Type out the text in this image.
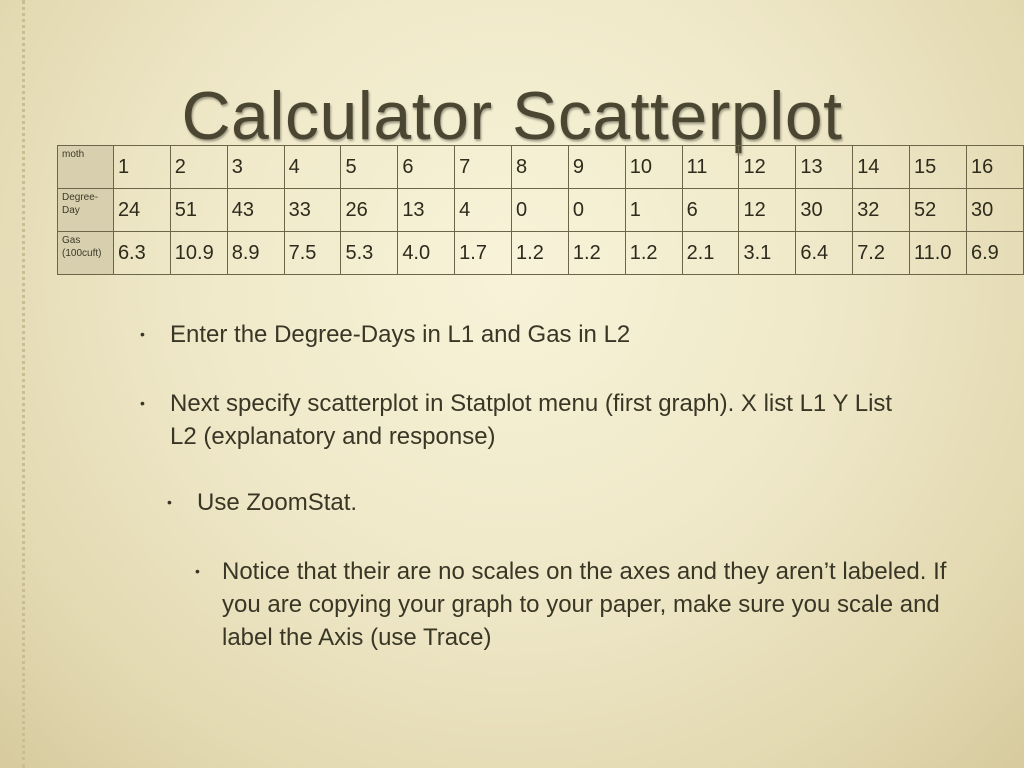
Calculator Scatterplot
moth	1	2	3	4	5	6	7	8	9	10	11	12	13	14	15	16
Degree-Day	24	51	43	33	26	13	4	0	0	1	6	12	30	32	52	30
Gas (100cuft)	6.3	10.9	8.9	7.5	5.3	4.0	1.7	1.2	1.2	1.2	2.1	3.1	6.4	7.2	11.0	6.9
• Enter the Degree-Days in L1 and Gas in L2
• Next specify scatterplot in Statplot menu (first graph). X list L1 Y List L2 (explanatory and response)
• Use ZoomStat.
• Notice that their are no scales on the axes and they aren’t labeled. If you are copying your graph to your paper, make sure you scale and label the Axis (use Trace)
